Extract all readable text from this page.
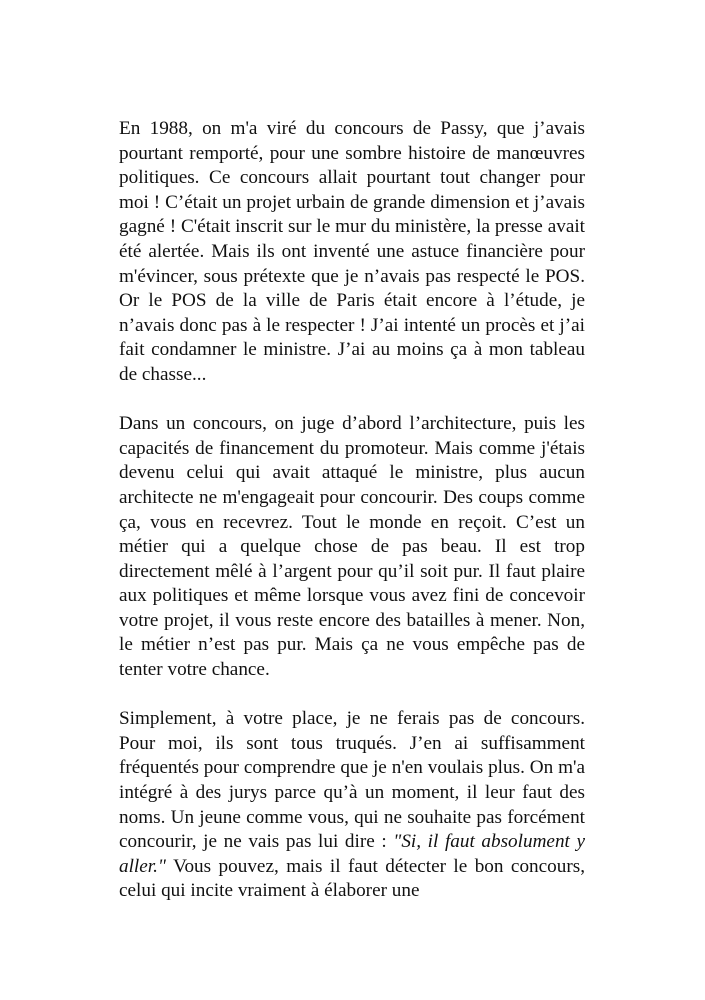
En 1988, on m'a viré du concours de Passy, que j’avais pourtant remporté, pour une sombre histoire de manœuvres politiques. Ce concours allait pourtant tout changer pour moi ! C’était un projet urbain de grande dimension et j’avais gagné ! C'était inscrit sur le mur du ministère, la presse avait été alertée. Mais ils ont inventé une astuce financière pour m'évincer, sous prétexte que je n’avais pas respecté le POS. Or le POS de la ville de Paris était encore à l’étude, je n’avais donc pas à le respecter ! J’ai intenté un procès et j’ai fait condamner le ministre. J’ai au moins ça à mon tableau de chasse...

Dans un concours, on juge d’abord l’architecture, puis les capacités de financement du promoteur. Mais comme j'étais devenu celui qui avait attaqué le ministre, plus aucun architecte ne m'engageait pour concourir. Des coups comme ça, vous en recevrez. Tout le monde en reçoit. C’est un métier qui a quelque chose de pas beau. Il est trop directement mêlé à l’argent pour qu’il soit pur. Il faut plaire aux politiques et même lorsque vous avez fini de concevoir votre projet, il vous reste encore des batailles à mener. Non, le métier n’est pas pur. Mais ça ne vous empêche pas de tenter votre chance.

Simplement, à votre place, je ne ferais pas de concours. Pour moi, ils sont tous truqués. J’en ai suffisamment fréquentés pour comprendre que je n'en voulais plus. On m'a intégré à des jurys parce qu’à un moment, il leur faut des noms. Un jeune comme vous, qui ne souhaite pas forcément concourir, je ne vais pas lui dire : "Si, il faut absolument y aller." Vous pouvez, mais il faut détecter le bon concours, celui qui incite vraiment à élaborer une
